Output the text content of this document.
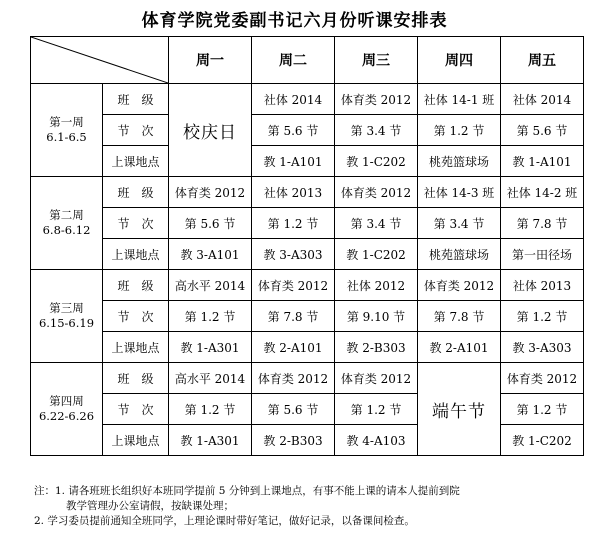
体育学院党委副书记六月份听课安排表
	周一	周二	周三	周四	周五

第一周
6.1-6.5	班　级	校庆日	社体 2014	体育类 2012	社体 14-1 班	社体 2014
	节　次		第 5.6 节	第 3.4 节	第 1.2 节	第 5.6 节
	上课地点		教 1-A101	教 1-C202	桃苑篮球场	教 1-A101

第二周
6.8-6.12	班　级	体育类 2012	社体 2013	体育类 2012	社体 14-3 班	社体 14-2 班
	节　次	第 5.6 节	第 1.2 节	第 3.4 节	第 3.4 节	第 7.8 节
	上课地点	教 3-A101	教 3-A303	教 1-C202	桃苑篮球场	第一田径场

第三周
6.15-6.19	班　级	高水平 2014	体育类 2012	社体 2012	体育类 2012	社体 2013
	节　次	第 1.2 节	第 7.8 节	第 9.10 节	第 7.8 节	第 1.2 节
	上课地点	教 1-A301	教 2-A101	教 2-B303	教 2-A101	教 3-A303

第四周
6.22-6.26	班　级	高水平 2014	体育类 2012	体育类 2012	端午节	体育类 2012
	节　次	第 1.2 节	第 5.6 节	第 1.2 节		第 1.2 节
	上课地点	教 1-A301	教 2-B303	教 4-A103		教 1-C202
注：1. 请各班班长组织好本班同学提前 5 分钟到上课地点，有事不能上课的请本人提前到院
教学管理办公室请假，按缺课处理；
2. 学习委员提前通知全班同学，上理论课时带好笔记，做好记录，以备课间检查。
